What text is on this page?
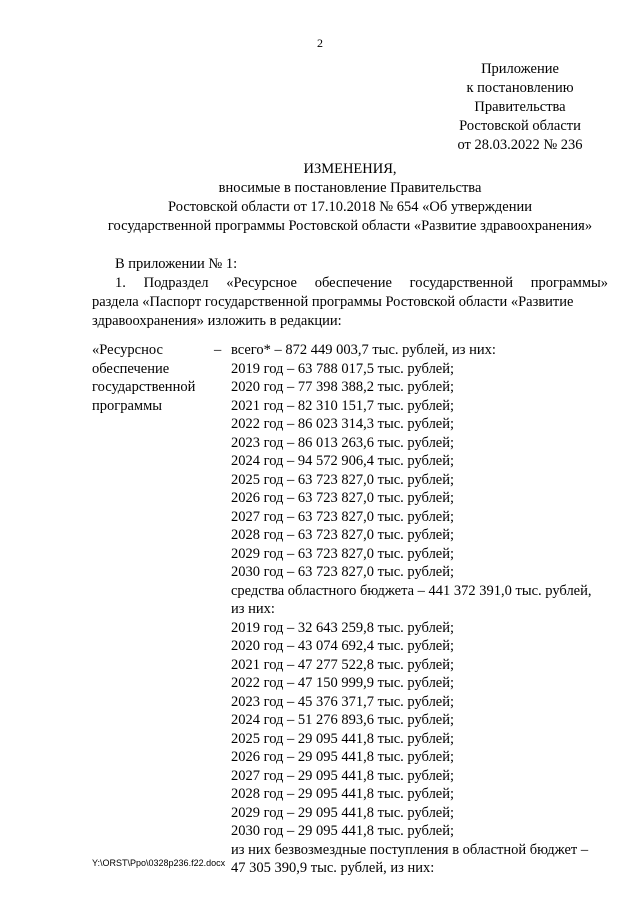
2
Приложение
к постановлению
Правительства
Ростовской области
от 28.03.2022 № 236
ИЗМЕНЕНИЯ,
вносимые в постановление Правительства
Ростовской области от 17.10.2018 № 654 «Об утверждении
государственной программы Ростовской области «Развитие здравоохранения»
В приложении № 1:
1. Подраздел «Ресурсное обеспечение государственной программы»
раздела «Паспорт государственной программы Ростовской области «Развитие
здравоохранения» изложить в редакции:
«Ресурснос
обеспечение
государственной
программы
– всего* – 872 449 003,7 тыс. рублей, из них:
2019 год – 63 788 017,5 тыс. рублей;
2020 год – 77 398 388,2 тыс. рублей;
2021 год – 82 310 151,7 тыс. рублей;
2022 год – 86 023 314,3 тыс. рублей;
2023 год – 86 013 263,6 тыс. рублей;
2024 год – 94 572 906,4 тыс. рублей;
2025 год – 63 723 827,0 тыс. рублей;
2026 год – 63 723 827,0 тыс. рублей;
2027 год – 63 723 827,0 тыс. рублей;
2028 год – 63 723 827,0 тыс. рублей;
2029 год – 63 723 827,0 тыс. рублей;
2030 год – 63 723 827,0 тыс. рублей;
средства областного бюджета – 441 372 391,0 тыс. рублей,
из них:
2019 год – 32 643 259,8 тыс. рублей;
2020 год – 43 074 692,4 тыс. рублей;
2021 год – 47 277 522,8 тыс. рублей;
2022 год – 47 150 999,9 тыс. рублей;
2023 год – 45 376 371,7 тыс. рублей;
2024 год – 51 276 893,6 тыс. рублей;
2025 год – 29 095 441,8 тыс. рублей;
2026 год – 29 095 441,8 тыс. рублей;
2027 год – 29 095 441,8 тыс. рублей;
2028 год – 29 095 441,8 тыс. рублей;
2029 год – 29 095 441,8 тыс. рублей;
2030 год – 29 095 441,8 тыс. рублей;
из них безвозмездные поступления в областной бюджет –
47 305 390,9 тыс. рублей, из них:
Y:\ORST\Ppo\0328p236.f22.docx
